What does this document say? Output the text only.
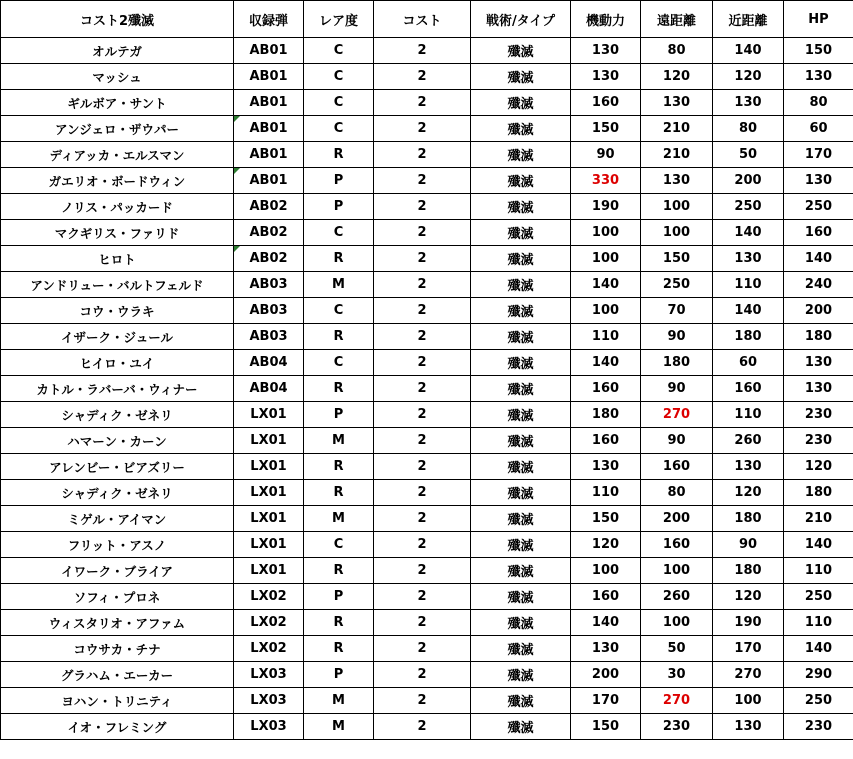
コスト2殲滅	収録弾	レア度	コスト	戦術/タイプ	機動力	遠距離	近距離	HP
オルテガ	AB01	C	2	殲滅	130	80	140	150
マッシュ	AB01	C	2	殲滅	130	120	120	130
ギルボア・サント	AB01	C	2	殲滅	160	130	130	80
アンジェロ・ザウパー	AB01	C	2	殲滅	150	210	80	60
ディアッカ・エルスマン	AB01	R	2	殲滅	90	210	50	170
ガエリオ・ボードウィン	AB01	P	2	殲滅	330	130	200	130
ノリス・パッカード	AB02	P	2	殲滅	190	100	250	250
マクギリス・ファリド	AB02	C	2	殲滅	100	100	140	160
ヒロト	AB02	R	2	殲滅	100	150	130	140
アンドリュー・バルトフェルド	AB03	M	2	殲滅	140	250	110	240
コウ・ウラキ	AB03	C	2	殲滅	100	70	140	200
イザーク・ジュール	AB03	R	2	殲滅	110	90	180	180
ヒイロ・ユイ	AB04	C	2	殲滅	140	180	60	130
カトル・ラバーバ・ウィナー	AB04	R	2	殲滅	160	90	160	130
シャディク・ゼネリ	LX01	P	2	殲滅	180	270	110	230
ハマーン・カーン	LX01	M	2	殲滅	160	90	260	230
アレンビー・ビアズリー	LX01	R	2	殲滅	130	160	130	120
シャディク・ゼネリ	LX01	R	2	殲滅	110	80	120	180
ミゲル・アイマン	LX01	M	2	殲滅	150	200	180	210
フリット・アスノ	LX01	C	2	殲滅	120	160	90	140
イワーク・ブライア	LX01	R	2	殲滅	100	100	180	110
ソフィ・プロネ	LX02	P	2	殲滅	160	260	120	250
ウィスタリオ・アファム	LX02	R	2	殲滅	140	100	190	110
コウサカ・チナ	LX02	R	2	殲滅	130	50	170	140
グラハム・エーカー	LX03	P	2	殲滅	200	30	270	290
ヨハン・トリニティ	LX03	M	2	殲滅	170	270	100	250
イオ・フレミング	LX03	M	2	殲滅	150	230	130	230
